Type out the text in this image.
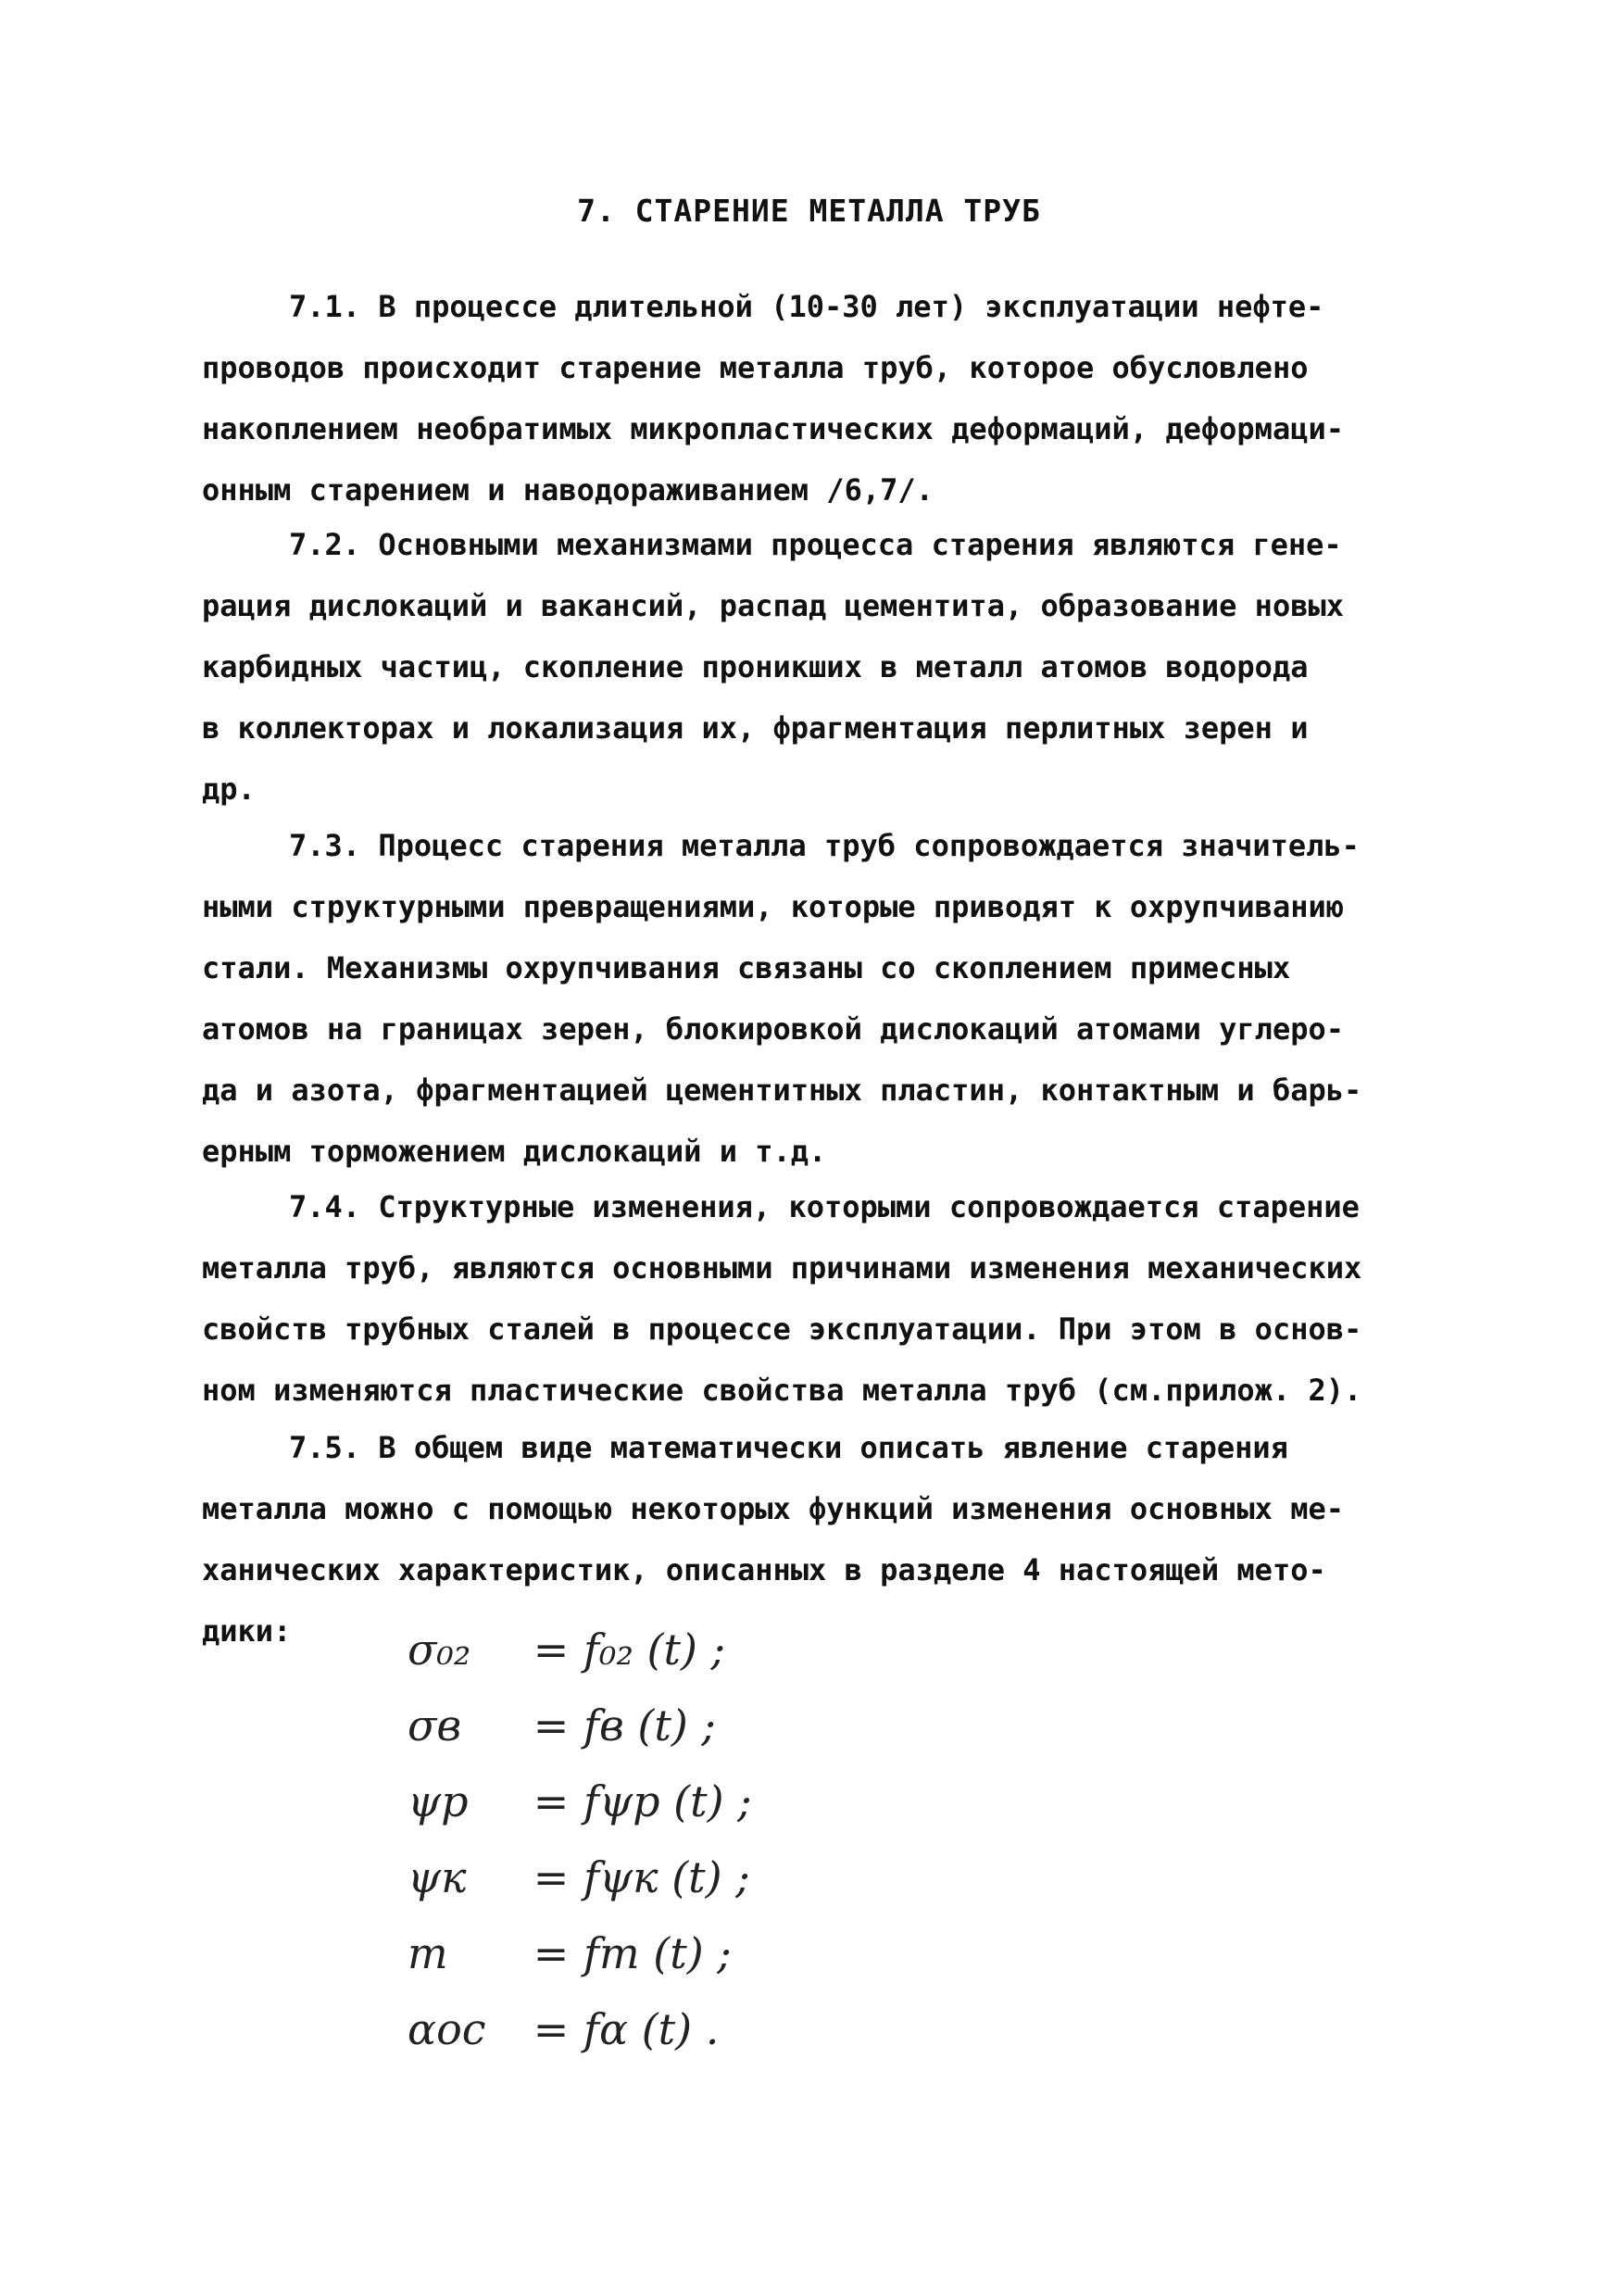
7. СТАРЕНИЕ МЕТАЛЛА ТРУБ
7.1. В процессе длительной (10-30 лет) эксплуатации нефте-
проводов происходит старение металла труб, которое обусловлено
накоплением необратимых микропластических деформаций, деформаци-
онным старением и наводораживанием /6,7/.
7.2. Основными механизмами процесса старения являются гене-
рация дислокаций и вакансий, распад цементита, образование новых
карбидных частиц, скопление проникших в металл атомов водорода
в коллекторах и локализация их, фрагментация перлитных зерен и
др.
7.3. Процесс старения металла труб сопровождается значитель-
ными структурными превращениями, которые приводят к охрупчиванию
стали. Механизмы охрупчивания связаны со скоплением примесных
атомов на границах зерен, блокировкой дислокаций атомами углеро-
да и азота, фрагментацией цементитных пластин, контактным и барь-
ерным торможением дислокаций и т.д.
7.4. Структурные изменения, которыми сопровождается старение
металла труб, являются основными причинами изменения механических
свойств трубных сталей в процессе эксплуатации. При этом в основ-
ном изменяются пластические свойства металла труб (см.прилож. 2).
7.5. В общем виде математически описать явление старения
металла можно с помощью некоторых функций изменения основных ме-
ханических характеристик, описанных в разделе 4 настоящей мето-
дики:	σ₀₂	= f₀₂ (t) ;
σв	= fв (t) ;
ψр	= fψр (t) ;
ψк	= fψк (t) ;
m	= fm (t) ;
αос	= fα (t) .
